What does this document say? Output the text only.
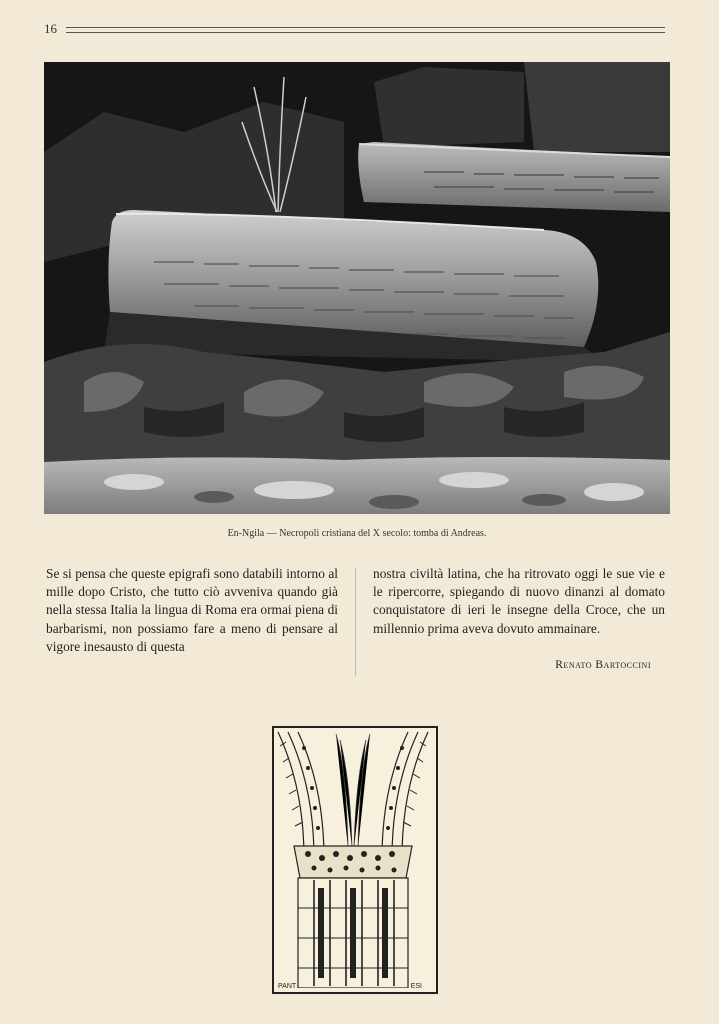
16
En-Ngila — Necropoli cristiana del X secolo: tomba di Andreas.
Se si pensa che queste epigrafi sono databili intorno al mille dopo Cristo, che tutto ciò avveniva quando già nella stessa Italia la lingua di Roma era ormai piena di barbarismi, non possiamo fare a meno di pensare al vigore inesausto di questa
nostra civiltà latina, che ha ritrovato oggi le sue vie e le ripercorre, spiegando di nuovo dinanzi al domato conquistatore di ieri le insegne della Croce, che un millennio prima aveva dovuto ammainare.
Renato Bartoccini
PANT	ESI
